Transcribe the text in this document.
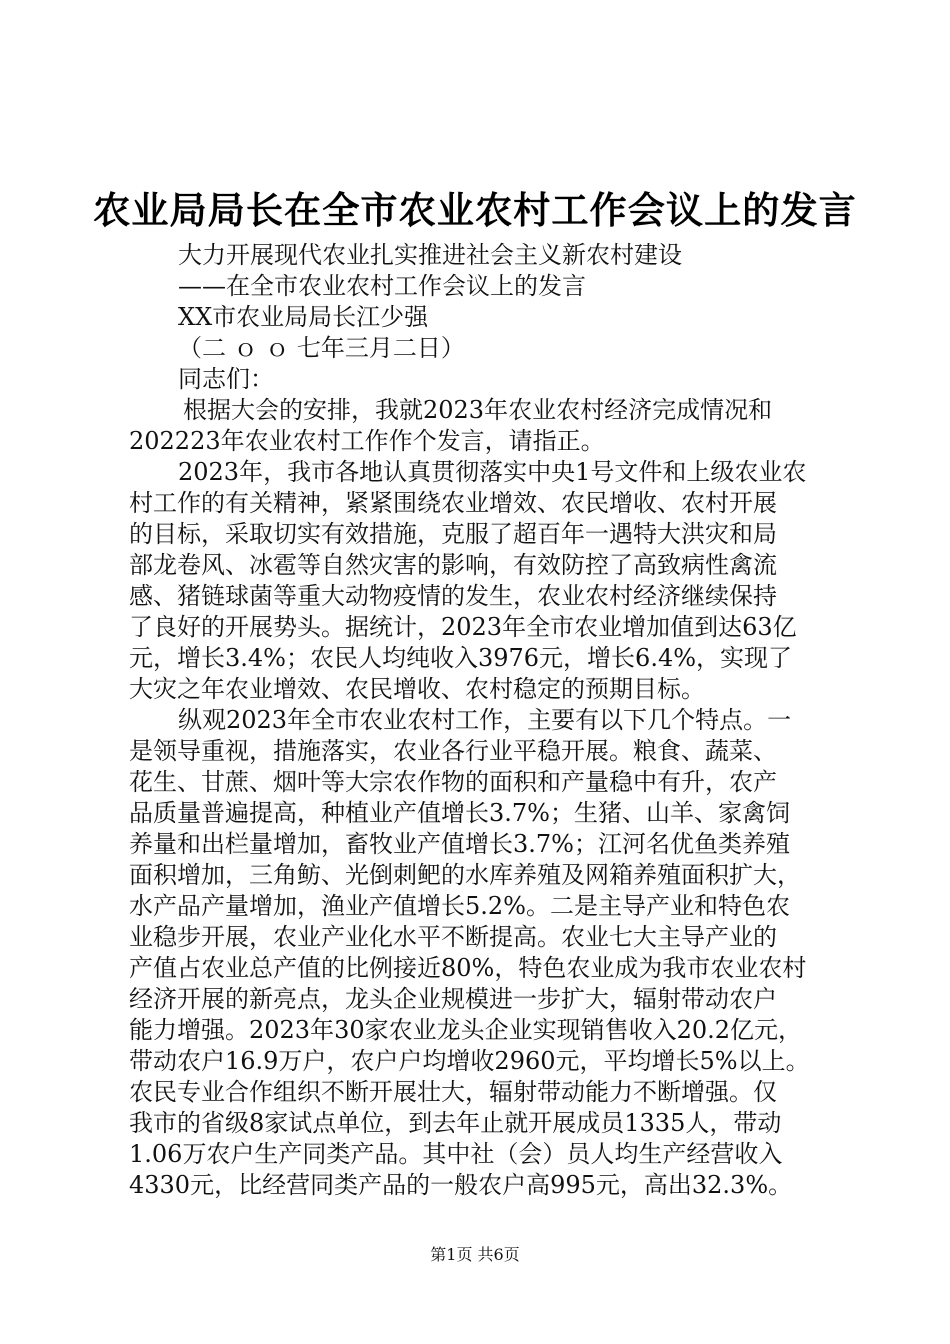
农业局局长在全市农业农村工作会议上的发言
大力开展现代农业扎实推进社会主义新农村建设
——在全市农业农村工作会议上的发言
XX市农业局局长江少强
（二 ｏ ｏ 七年三月二日）
同志们：
根据大会的安排，我就2023年农业农村经济完成情况和
202223年农业农村工作作个发言，请指正。
2023年，我市各地认真贯彻落实中央1号文件和上级农业农
村工作的有关精神，紧紧围绕农业增效、农民增收、农村开展
的目标，采取切实有效措施，克服了超百年一遇特大洪灾和局
部龙卷风、冰雹等自然灾害的影响，有效防控了高致病性禽流
感、猪链球菌等重大动物疫情的发生，农业农村经济继续保持
了良好的开展势头。据统计，2023年全市农业增加值到达63亿
元，增长3.4%；农民人均纯收入3976元，增长6.4%，实现了
大灾之年农业增效、农民增收、农村稳定的预期目标。
纵观2023年全市农业农村工作，主要有以下几个特点。一
是领导重视，措施落实，农业各行业平稳开展。粮食、蔬菜、
花生、甘蔗、烟叶等大宗农作物的面积和产量稳中有升，农产
品质量普遍提高，种植业产值增长3.7%；生猪、山羊、家禽饲
养量和出栏量增加，畜牧业产值增长3.7%；江河名优鱼类养殖
面积增加，三角鲂、光倒刺鲃的水库养殖及网箱养殖面积扩大，
水产品产量增加，渔业产值增长5.2%。二是主导产业和特色农
业稳步开展，农业产业化水平不断提高。农业七大主导产业的
产值占农业总产值的比例接近80%，特色农业成为我市农业农村
经济开展的新亮点，龙头企业规模进一步扩大，辐射带动农户
能力增强。2023年30家农业龙头企业实现销售收入20.2亿元，
带动农户16.9万户，农户户均增收2960元，平均增长5%以上。
农民专业合作组织不断开展壮大，辐射带动能力不断增强。仅
我市的省级8家试点单位，到去年止就开展成员1335人，带动
1.06万农户生产同类产品。其中社（会）员人均生产经营收入
4330元，比经营同类产品的一般农户高995元，高出32.3%。
第1页 共6页
